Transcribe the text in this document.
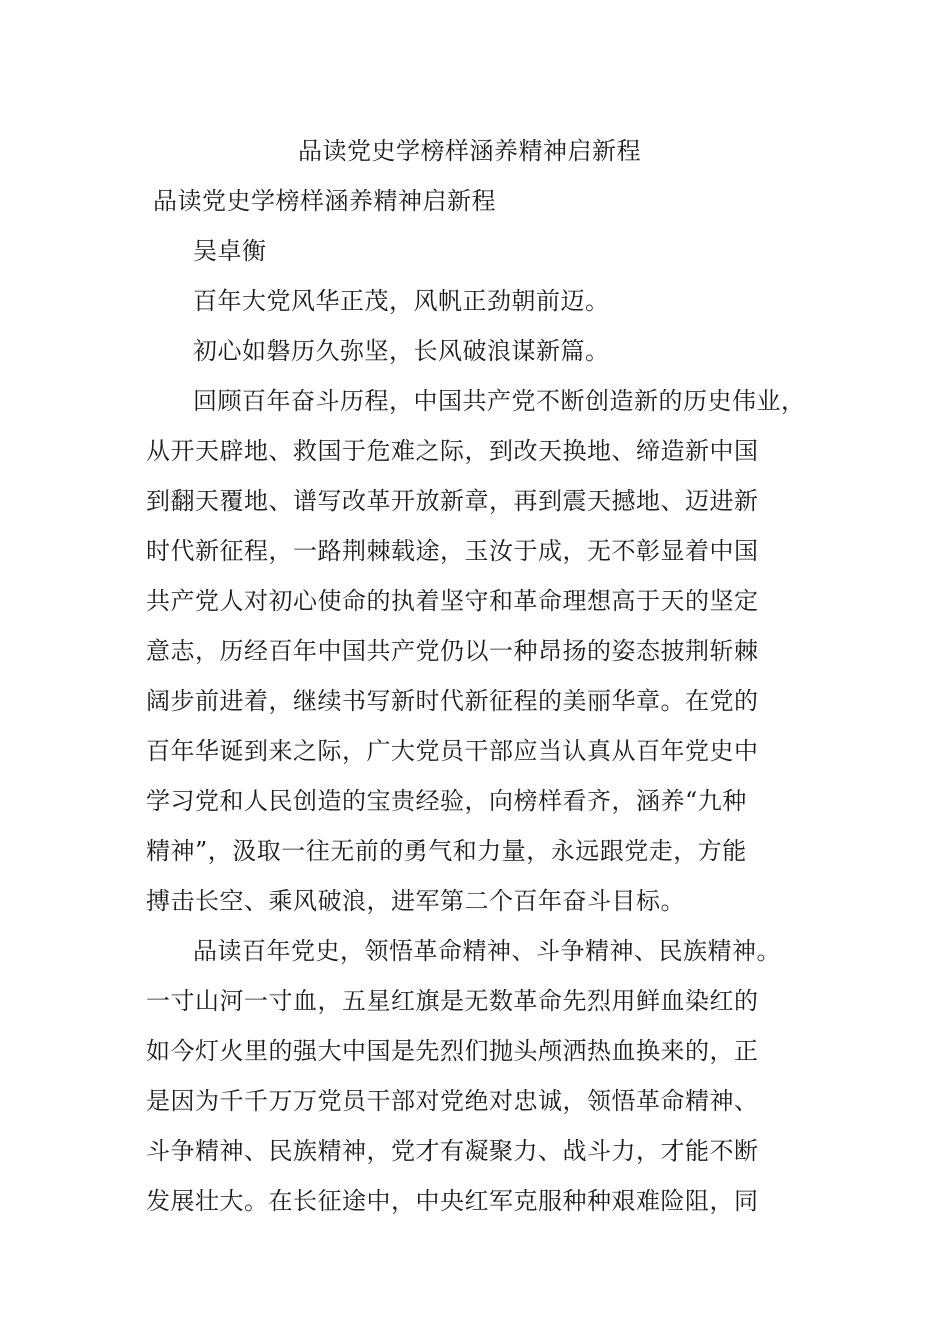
品读党史学榜样涵养精神启新程
品读党史学榜样涵养精神启新程
吴卓衡
百年大党风华正茂，风帆正劲朝前迈。
初心如磐历久弥坚，长风破浪谋新篇。
回顾百年奋斗历程，中国共产党不断创造新的历史伟业，
从开天辟地、救国于危难之际，到改天换地、缔造新中国
到翻天覆地、谱写改革开放新章，再到震天撼地、迈进新
时代新征程，一路荆棘载途，玉汝于成，无不彰显着中国
共产党人对初心使命的执着坚守和革命理想高于天的坚定
意志，历经百年中国共产党仍以一种昂扬的姿态披荆斩棘
阔步前进着，继续书写新时代新征程的美丽华章。在党的
百年华诞到来之际，广大党员干部应当认真从百年党史中
学习党和人民创造的宝贵经验，向榜样看齐，涵养“九种
精神”，汲取一往无前的勇气和力量，永远跟党走，方能
搏击长空、乘风破浪，进军第二个百年奋斗目标。
品读百年党史，领悟革命精神、斗争精神、民族精神。
一寸山河一寸血，五星红旗是无数革命先烈用鲜血染红的
如今灯火里的强大中国是先烈们抛头颅洒热血换来的，正
是因为千千万万党员干部对党绝对忠诚，领悟革命精神、
斗争精神、民族精神，党才有凝聚力、战斗力，才能不断
发展壮大。在长征途中，中央红军克服种种艰难险阻，同
